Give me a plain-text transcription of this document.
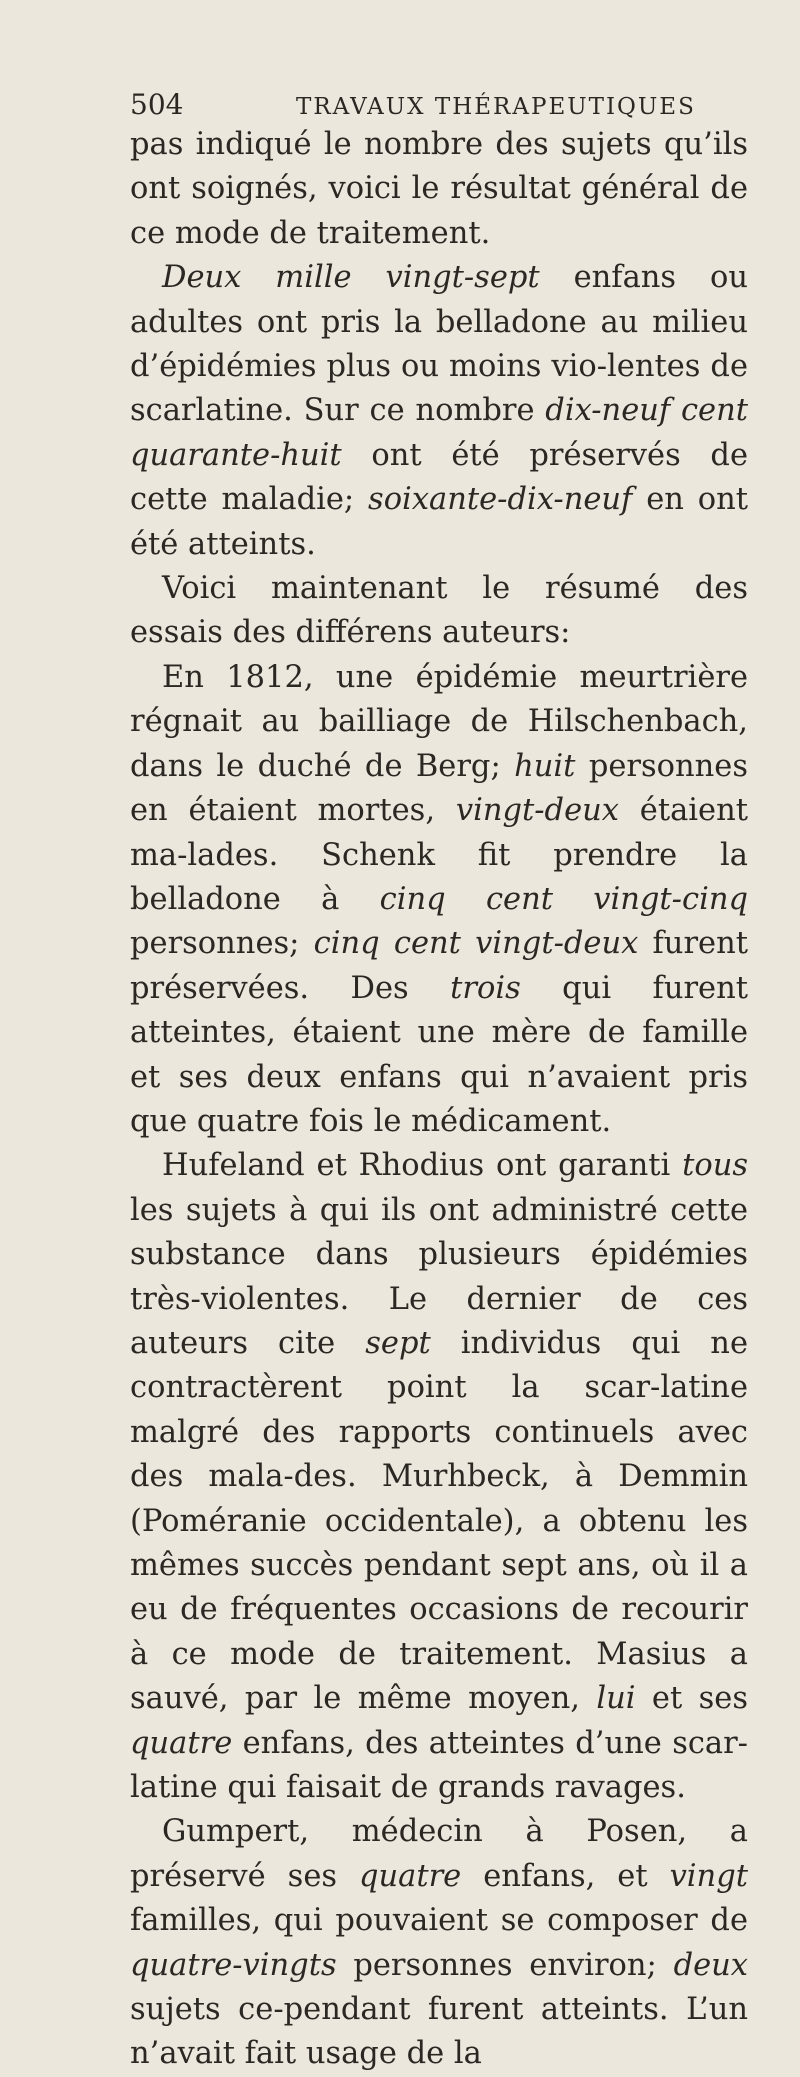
504	TRAVAUX THÉRAPEUTIQUES

pas indiqué le nombre des sujets qu’ils ont soignés, voici le résultat général de ce mode de traitement.

Deux mille vingt-sept enfans ou adultes ont pris la belladone au milieu d’épidémies plus ou moins vio-lentes de scarlatine. Sur ce nombre dix-neuf cent quarante-huit ont été préservés de cette maladie; soixante-dix-neuf en ont été atteints.

Voici maintenant le résumé des essais des différens auteurs:

En 1812, une épidémie meurtrière régnait au bailliage de Hilschenbach, dans le duché de Berg; huit personnes en étaient mortes, vingt-deux étaient ma-lades. Schenk fit prendre la belladone à cinq cent vingt-cinq personnes; cinq cent vingt-deux furent préservées. Des trois qui furent atteintes, étaient une mère de famille et ses deux enfans qui n’avaient pris que quatre fois le médicament.

Hufeland et Rhodius ont garanti tous les sujets à qui ils ont administré cette substance dans plusieurs épidémies très-violentes. Le dernier de ces auteurs cite sept individus qui ne contractèrent point la scar-latine malgré des rapports continuels avec des mala-des. Murhbeck, à Demmin (Poméranie occidentale), a obtenu les mêmes succès pendant sept ans, où il a eu de fréquentes occasions de recourir à ce mode de traitement. Masius a sauvé, par le même moyen, lui et ses quatre enfans, des atteintes d’une scar-latine qui faisait de grands ravages.

Gumpert, médecin à Posen, a préservé ses quatre enfans, et vingt familles, qui pouvaient se composer de quatre-vingts personnes environ; deux sujets ce-pendant furent atteints. L’un n’avait fait usage de la
